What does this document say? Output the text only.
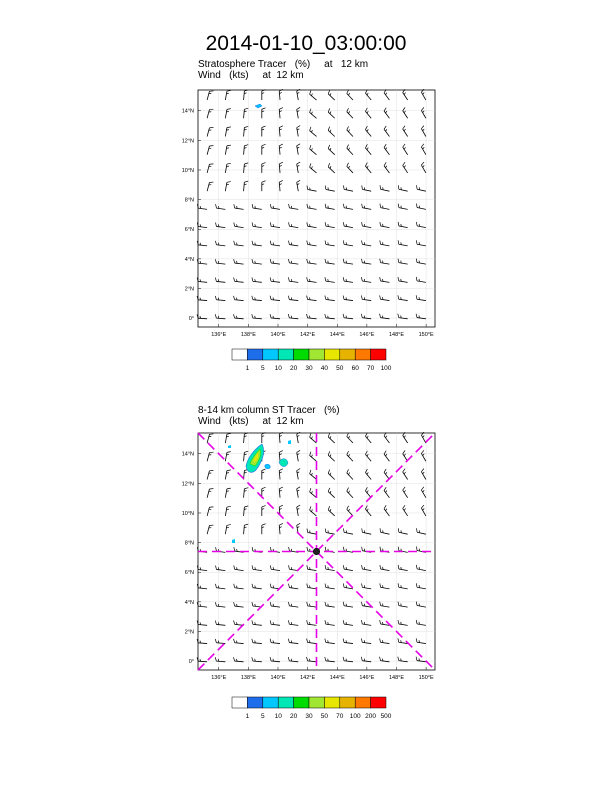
2014-01-10_03:00:00
Stratosphere Tracer   (%)     at   12 km
Wind   (kts)     at  12 km
8-14 km column ST Tracer   (%)
Wind   (kts)     at  12 km
136°E	138°E	140°E	142°E	144°E	146°E	148°E	150°E
14°N
12°N
10°N
8°N
6°N
4°N
2°N
0°
1 5 10 20 30 40 50 60 70 100
136°E	138°E	140°E	142°E	144°E	146°E	148°E	150°E
14°N
12°N
10°N
8°N
6°N
4°N
2°N
0°
1 5 10 20 30 50 70 100 200 500
